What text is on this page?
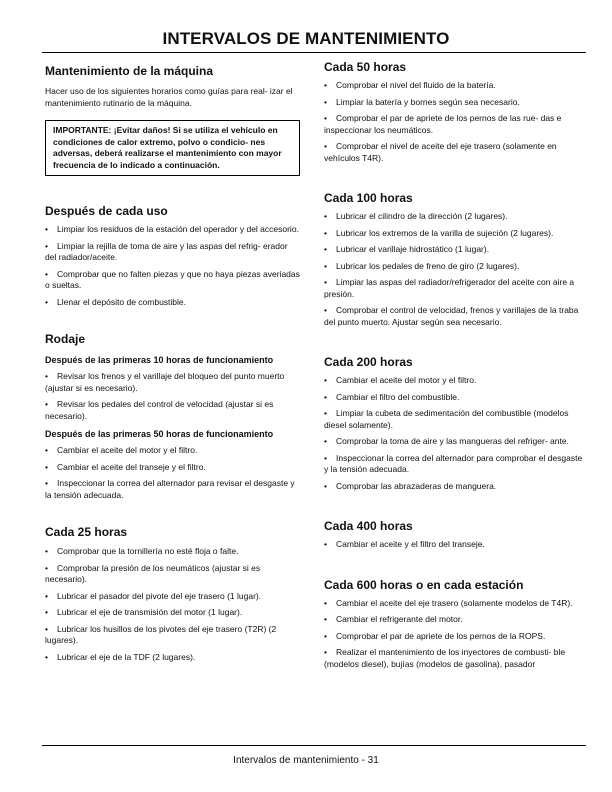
INTERVALOS DE MANTENIMIENTO
Mantenimiento de la máquina

Hacer uso de los siguientes horarios como guías para real- izar el mantenimiento rutinario de la máquina.

IMPORTANTE: ¡Evitar daños! Si se utiliza el vehículo en condiciones de calor extremo, polvo o condicio- nes adversas, deberá realizarse el mantenimiento con mayor frecuencia de lo indicado a continuación.
Después de cada uso
• Limpiar los residuos de la estación del operador y del accesorio.
• Limpiar la rejilla de toma de aire y las aspas del refrig- erador del radiador/aceite.
• Comprobar que no falten piezas y que no haya piezas averiadas o sueltas.
• Llenar el depósito de combustible.
Rodaje
Después de las primeras 10 horas de funcionamiento
• Revisar los frenos y el varillaje del bloqueo del punto muerto (ajustar si es necesario).
• Revisar los pedales del control de velocidad (ajustar si es necesario).
Después de las primeras 50 horas de funcionamiento
• Cambiar el aceite del motor y el filtro.
• Cambiar el aceite del transeje y el filtro.
• Inspeccionar la correa del alternador para revisar el desgaste y la tensión adecuada.
Cada 25 horas
• Comprobar que la tornillería no esté floja o falte.
• Comprobar la presión de los neumáticos (ajustar si es necesario).
• Lubricar el pasador del pivote del eje trasero (1 lugar).
• Lubricar el eje de transmisión del motor (1 lugar).
• Lubricar los husillos de los pivotes del eje trasero (T2R) (2 lugares).
• Lubricar el eje de la TDF (2 lugares).
Cada 50 horas
• Comprobar el nivel del fluido de la batería.
• Limpiar la batería y bornes según sea necesario.
• Comprobar el par de apriete de los pernos de las rue- das e inspeccionar los neumáticos.
• Comprobar el nivel de aceite del eje trasero (solamente en vehículos T4R).
Cada 100 horas
• Lubricar el cilindro de la dirección (2 lugares).
• Lubricar los extremos de la varilla de sujeción (2 lugares).
• Lubricar el varillaje hidrostático (1 lugar).
• Lubricar los pedales de freno de giro (2 lugares).
• Limpiar las aspas del radiador/refrigerador del aceite con aire a presión.
• Comprobar el control de velocidad, frenos y varillajes de la traba del punto muerto. Ajustar según sea necesario.
Cada 200 horas
• Cambiar el aceite del motor y el filtro.
• Cambiar el filtro del combustible.
• Limpiar la cubeta de sedimentación del combustible (modelos diesel solamente).
• Comprobar la toma de aire y las mangueras del refriger- ante.
• Inspeccionar la correa del alternador para comprobar el desgaste y la tensión adecuada.
• Comprobar las abrazaderas de manguera.
Cada 400 horas
• Cambiar el aceite y el filtro del transeje.
Cada 600 horas o en cada estación
• Cambiar el aceite del eje trasero (solamente modelos de T4R).
• Cambiar el refrigerante del motor.
• Comprobar el par de apriete de los pernos de la ROPS.
• Realizar el mantenimiento de los inyectores de combusti- ble (modelos diesel), bujías (modelos de gasolina), pasador
Intervalos de mantenimiento - 31
